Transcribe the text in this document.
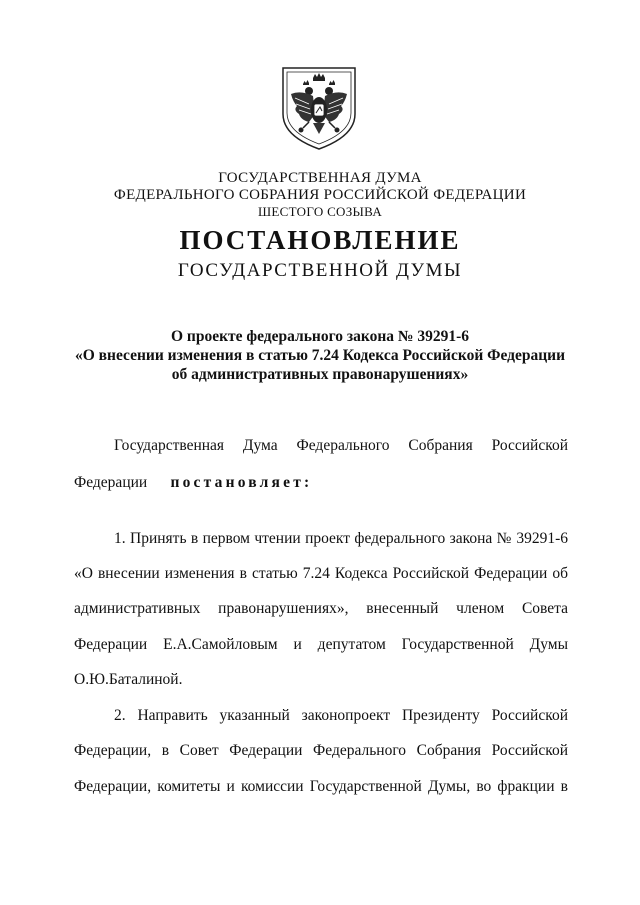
ГОСУДАРСТВЕННАЯ ДУМА
ФЕДЕРАЛЬНОГО СОБРАНИЯ РОССИЙСКОЙ ФЕДЕРАЦИИ
ШЕСТОГО СОЗЫВА
ПОСТАНОВЛЕНИЕ
ГОСУДАРСТВЕННОЙ ДУМЫ
О проекте федерального закона № 39291-6
«О внесении изменения в статью 7.24 Кодекса Российской Федерации
об административных правонарушениях»
Государственная Дума Федерального Собрания Российской
Федерации постановляет:
1. Принять в первом чтении проект федерального закона № 39291-6
«О внесении изменения в статью 7.24 Кодекса Российской Федерации об
административных правонарушениях», внесенный членом Совета
Федерации Е.А.Самойловым и депутатом Государственной Думы
О.Ю.Баталиной.
2. Направить указанный законопроект Президенту Российской
Федерации, в Совет Федерации Федерального Собрания Российской
Федерации, комитеты и комиссии Государственной Думы, во фракции в
